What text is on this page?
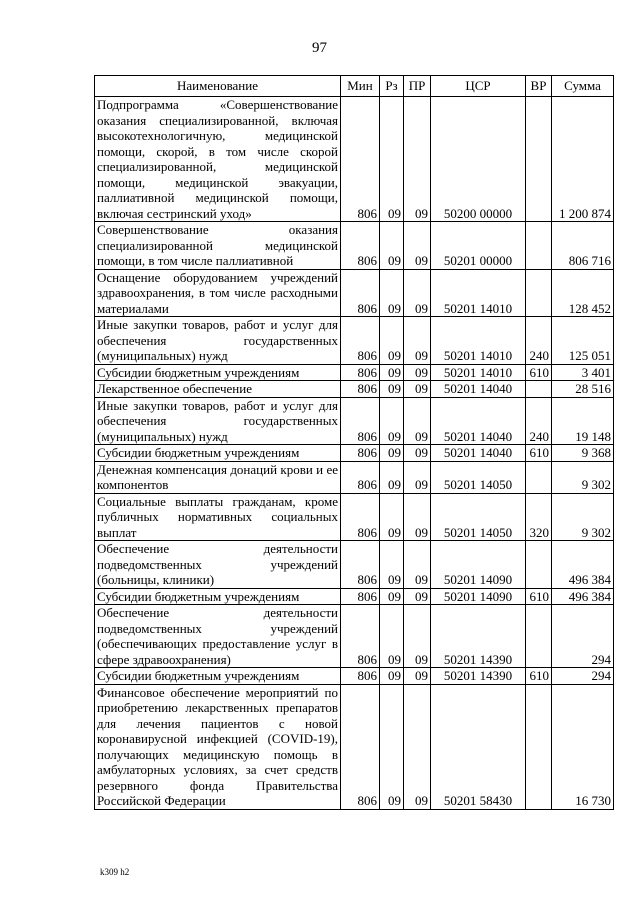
97
Наименование	Мин	Рз	ПР	ЦСР	ВР	Сумма
Подпрограмма «Совершенствование оказания специализированной, включая высокотехнологичную, медицинской помощи, скорой, в том числе скорой специализированной, медицинской помощи, медицинской эвакуации, паллиативной медицинской помощи, включая сестринский уход»	806	09	09	50200 00000		1 200 874
Совершенствование оказания специализированной медицинской помощи, в том числе паллиативной	806	09	09	50201 00000		806 716
Оснащение оборудованием учреждений здравоохранения, в том числе расходными материалами	806	09	09	50201 14010		128 452
Иные закупки товаров, работ и услуг для обеспечения государственных (муниципальных) нужд	806	09	09	50201 14010	240	125 051
Субсидии бюджетным учреждениям	806	09	09	50201 14010	610	3 401
Лекарственное обеспечение	806	09	09	50201 14040		28 516
Иные закупки товаров, работ и услуг для обеспечения государственных (муниципальных) нужд	806	09	09	50201 14040	240	19 148
Субсидии бюджетным учреждениям	806	09	09	50201 14040	610	9 368
Денежная компенсация донаций крови и ее компонентов	806	09	09	50201 14050		9 302
Социальные выплаты гражданам, кроме публичных нормативных социальных выплат	806	09	09	50201 14050	320	9 302
Обеспечение деятельности подведомственных учреждений (больницы, клиники)	806	09	09	50201 14090		496 384
Субсидии бюджетным учреждениям	806	09	09	50201 14090	610	496 384
Обеспечение деятельности подведомственных учреждений (обеспечивающих предоставление услуг в сфере здравоохранения)	806	09	09	50201 14390		294
Субсидии бюджетным учреждениям	806	09	09	50201 14390	610	294
Финансовое обеспечение мероприятий по приобретению лекарственных препаратов для лечения пациентов с новой коронавирусной инфекцией (COVID-19), получающих медицинскую помощь в амбулаторных условиях, за счет средств резервного фонда Правительства Российской Федерации	806	09	09	50201 58430		16 730
k309 h2
